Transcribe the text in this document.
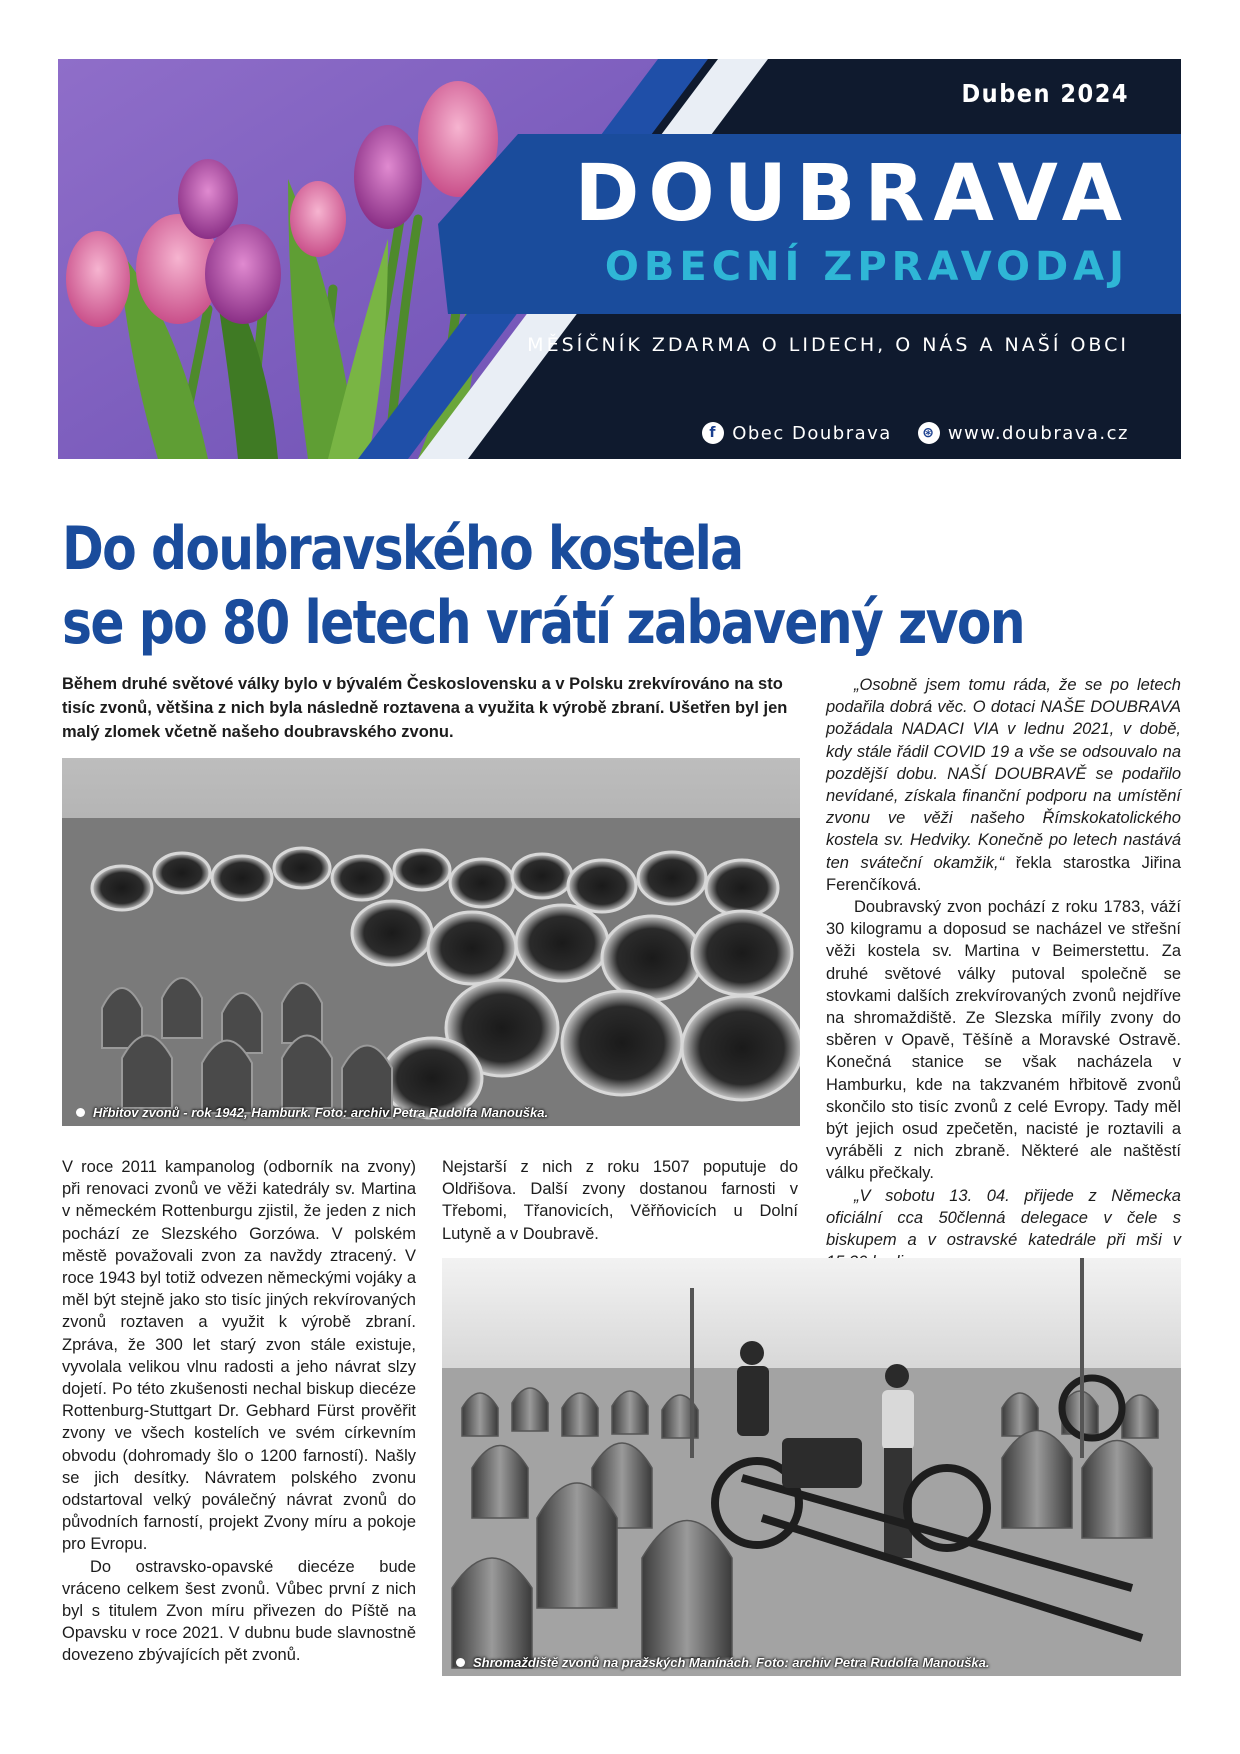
Duben 2024
DOUBRAVA
OBECNÍ ZPRAVODAJ
MĚSÍČNÍK ZDARMA O LIDECH, O NÁS A NAŠÍ OBCI
f Obec Doubrava	⊛ www.doubrava.cz
Do doubravského kostela
se po 80 letech vrátí zabavený zvon

Během druhé světové války bylo v bývalém Československu a v Polsku zrekvírováno na sto tisíc zvonů, většina z nich byla následně roztavena a využita k výrobě zbraní. Ušetřen byl jen malý zlomek včetně našeho doubravského zvonu.

Hřbitov zvonů - rok 1942, Hamburk. Foto: archiv Petra Rudolfa Manouška.

„Osobně jsem tomu ráda, že se po letech podařila dobrá věc. O dotaci NAŠE DOUBRAVA požádala NADACI VIA v lednu 2021, v době, kdy stále řádil COVID 19 a vše se odsouvalo na pozdější dobu. NAŠÍ DOUBRAVĚ se podařilo nevídané, získala finanční podporu na umístění zvonu ve věži našeho Římskokatolického kostela sv. Hedviky. Konečně po letech nastává ten sváteční okamžik,“ řekla starostka Jiřina Ferenčíková.

Doubravský zvon pochází z roku 1783, váží 30 kilogramu a doposud se nacházel ve střešní věži kostela sv. Martina v Beimerstettu. Za druhé světové války putoval společně se stovkami dalších zrekvírovaných zvonů nejdříve na shromaždiště. Ze Slezska mířily zvony do sběren v Opavě, Těšíně a Moravské Ostravě. Konečná stanice se však nacházela v Hamburku, kde na takzvaném hřbitově zvonů skončilo sto tisíc zvonů z celé Evropy. Tady měl být jejich osud zpečetěn, nacisté je roztavili a vyráběli z nich zbraně. Některé ale naštěstí válku přečkaly.

„V sobotu 13. 04. přijede z Německa oficiální cca 50členná delegace v čele s biskupem a v ostravské katedrále při mši v

V roce 2011 kampanolog (odborník na zvony) při renovaci zvonů ve věži katedrály sv. Martina v německém Rottenburgu zjistil, že jeden z nich pochází ze Slezského Gorzówa. V polském městě považovali zvon za navždy ztracený. V roce 1943 byl totiž odvezen německými vojáky a měl být stejně jako sto tisíc jiných rekvírovaných zvonů roztaven a využit k výrobě zbraní. Zpráva, že 300 let starý zvon stále existuje, vyvolala velikou vlnu radosti a jeho návrat slzy dojetí. Po této zkušenosti nechal biskup diecéze Rottenburg-Stuttgart Dr. Gebhard Fürst prověřit zvony ve všech kostelích ve svém církevním obvodu (dohromady šlo o 1200 farností). Našly se jich desítky. Návratem polského zvonu odstartoval velký poválečný návrat zvonů do původních farností, projekt Zvony míru a pokoje pro Evropu.

Do ostravsko-opavské diecéze bude vráceno celkem šest zvonů. Vůbec první z nich byl s titulem Zvon míru přivezen do Píště na Opavsku v roce 2021. V dubnu bude slavnostně dovezeno zbývajících pět zvonů.

Nejstarší z nich z roku 1507 poputuje do Oldřišova. Další zvony dostanou farnosti v Třebomi, Třanovicích, Věřňovicích u Dolní Lutyně a v Doubravě.

Shromaždiště zvonů na pražských Manínách. Foto: archiv Petra Rudolfa Manouška.
